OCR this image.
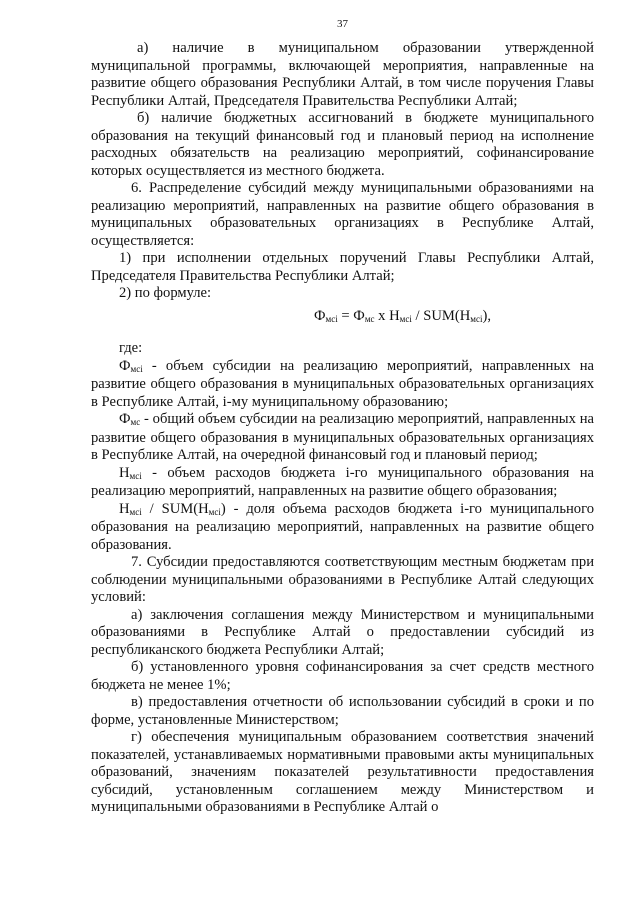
37

а) наличие в муниципальном образовании утвержденной муниципальной программы, включающей мероприятия, направленные на развитие общего образования Республики Алтай, в том числе поручения Главы Республики Алтай, Председателя Правительства Республики Алтай;

б) наличие бюджетных ассигнований в бюджете муниципального образования на текущий финансовый год и плановый период на исполнение расходных обязательств на реализацию мероприятий, софинансирование которых осуществляется из местного бюджета.

6. Распределение субсидий между муниципальными образованиями на реализацию мероприятий, направленных на развитие общего образования в муниципальных образовательных организациях в Республике Алтай, осуществляется:

1) при исполнении отдельных поручений Главы Республики Алтай, Председателя Правительства Республики Алтай;

2) по формуле:

Фмсi = Фмс х Нмсi / SUM(Нмсi),

где:

Фмсi - объем субсидии на реализацию мероприятий, направленных на развитие общего образования в муниципальных образовательных организациях в Республике Алтай, i-му муниципальному образованию;

Фмс - общий объем субсидии на реализацию мероприятий, направленных на развитие общего образования в муниципальных образовательных организациях в Республике Алтай, на очередной финансовый год и плановый период;

Нмсi - объем расходов бюджета i-го муниципального образования на реализацию мероприятий, направленных на развитие общего образования;

Нмсi / SUM(Нмсi) - доля объема расходов бюджета i-го муниципального образования на реализацию мероприятий, направленных на развитие общего образования.

7. Субсидии предоставляются соответствующим местным бюджетам при соблюдении муниципальными образованиями в Республике Алтай следующих условий:

а) заключения соглашения между Министерством и муниципальными образованиями в Республике Алтай о предоставлении субсидий из республиканского бюджета Республики Алтай;

б) установленного уровня софинансирования за счет средств местного бюджета не менее 1%;

в) предоставления отчетности об использовании субсидий в сроки и по форме, установленные Министерством;

г) обеспечения муниципальным образованием соответствия значений показателей, устанавливаемых нормативными правовыми акты муниципальных образований, значениям показателей результативности предоставления субсидий, установленным соглашением между Министерством и муниципальными образованиями в Республике Алтай о
